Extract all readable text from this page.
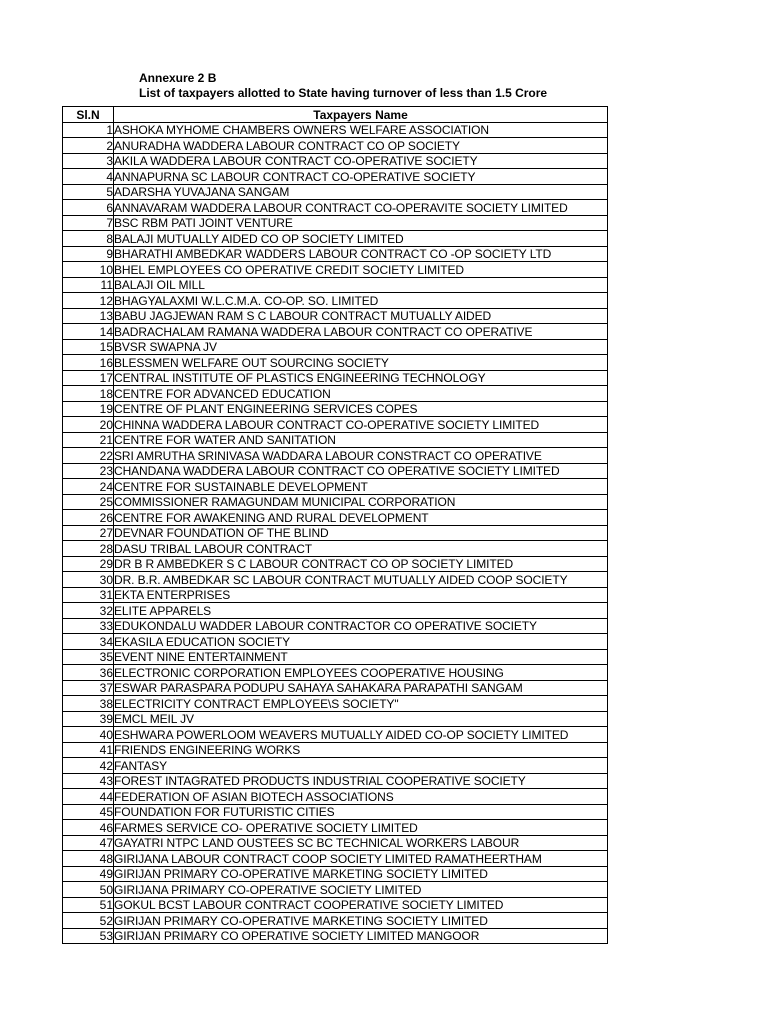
Annexure 2 B
List of taxpayers allotted to State having turnover of less than 1.5 Crore
Sl.N	Taxpayers Name
1	ASHOKA MYHOME CHAMBERS OWNERS WELFARE ASSOCIATION
2	ANURADHA WADDERA LABOUR CONTRACT CO OP SOCIETY
3	AKILA WADDERA LABOUR CONTRACT CO-OPERATIVE SOCIETY
4	ANNAPURNA SC LABOUR CONTRACT CO-OPERATIVE SOCIETY
5	ADARSHA YUVAJANA SANGAM
6	ANNAVARAM WADDERA LABOUR CONTRACT CO-OPERAVITE SOCIETY LIMITED
7	BSC RBM PATI JOINT VENTURE
8	BALAJI MUTUALLY AIDED CO OP SOCIETY LIMITED
9	BHARATHI AMBEDKAR WADDERS LABOUR CONTRACT CO -OP SOCIETY LTD
10	BHEL EMPLOYEES CO OPERATIVE CREDIT SOCIETY LIMITED
11	BALAJI OIL MILL
12	BHAGYALAXMI W.L.C.M.A. CO-OP. SO. LIMITED
13	BABU JAGJEWAN RAM S C LABOUR CONTRACT MUTUALLY AIDED
14	BADRACHALAM RAMANA WADDERA LABOUR CONTRACT CO OPERATIVE
15	BVSR SWAPNA JV
16	BLESSMEN WELFARE OUT SOURCING SOCIETY
17	CENTRAL INSTITUTE OF PLASTICS ENGINEERING TECHNOLOGY
18	CENTRE FOR ADVANCED EDUCATION
19	CENTRE OF PLANT ENGINEERING SERVICES COPES
20	CHINNA WADDERA LABOUR CONTRACT CO-OPERATIVE SOCIETY LIMITED
21	CENTRE FOR WATER AND SANITATION
22	SRI AMRUTHA SRINIVASA WADDARA LABOUR CONSTRACT CO OPERATIVE
23	CHANDANA WADDERA LABOUR CONTRACT CO OPERATIVE SOCIETY LIMITED
24	CENTRE FOR SUSTAINABLE DEVELOPMENT
25	COMMISSIONER RAMAGUNDAM MUNICIPAL CORPORATION
26	CENTRE FOR AWAKENING AND RURAL DEVELOPMENT
27	DEVNAR FOUNDATION OF THE BLIND
28	DASU TRIBAL LABOUR CONTRACT
29	DR B R AMBEDKER S C LABOUR CONTRACT CO OP SOCIETY LIMITED
30	DR. B.R. AMBEDKAR SC LABOUR CONTRACT MUTUALLY AIDED COOP SOCIETY
31	EKTA ENTERPRISES
32	ELITE APPARELS
33	EDUKONDALU WADDER LABOUR CONTRACTOR CO OPERATIVE SOCIETY
34	EKASILA EDUCATION SOCIETY
35	EVENT NINE ENTERTAINMENT
36	ELECTRONIC CORPORATION EMPLOYEES COOPERATIVE HOUSING
37	ESWAR PARASPARA PODUPU SAHAYA SAHAKARA PARAPATHI SANGAM
38	ELECTRICITY CONTRACT EMPLOYEE\S SOCIETY"
39	EMCL MEIL JV
40	ESHWARA POWERLOOM WEAVERS MUTUALLY AIDED CO-OP SOCIETY LIMITED
41	FRIENDS ENGINEERING WORKS
42	FANTASY
43	FOREST INTAGRATED PRODUCTS INDUSTRIAL COOPERATIVE SOCIETY
44	FEDERATION OF ASIAN BIOTECH ASSOCIATIONS
45	FOUNDATION FOR FUTURISTIC CITIES
46	FARMES SERVICE CO- OPERATIVE SOCIETY LIMITED
47	GAYATRI NTPC LAND OUSTEES SC BC TECHNICAL WORKERS LABOUR
48	GIRIJANA LABOUR CONTRACT COOP SOCIETY LIMITED RAMATHEERTHAM
49	GIRIJAN PRIMARY CO-OPERATIVE MARKETING SOCIETY LIMITED
50	GIRIJANA PRIMARY CO-OPERATIVE SOCIETY LIMITED
51	GOKUL BCST LABOUR CONTRACT COOPERATIVE SOCIETY LIMITED
52	GIRIJAN PRIMARY CO-OPERATIVE MARKETING SOCIETY LIMITED
53	GIRIJAN PRIMARY CO OPERATIVE SOCIETY LIMITED MANGOOR
